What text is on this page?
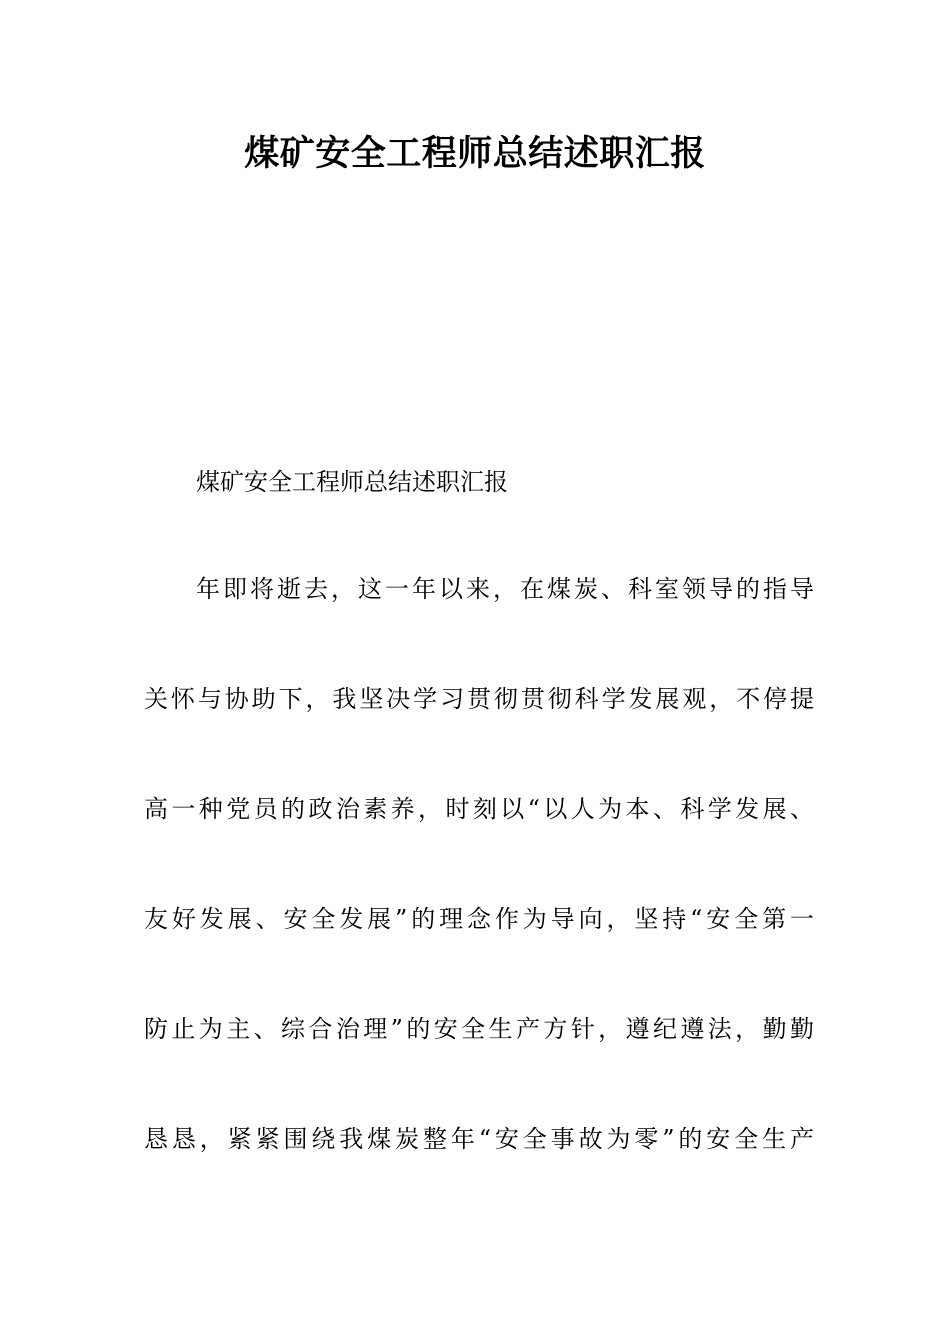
煤矿安全工程师总结述职汇报
煤矿安全工程师总结述职汇报
年即将逝去，这一年以来，在煤炭、科室领导的指导
关怀与协助下，我坚决学习贯彻贯彻科学发展观，不停提
高一种党员的政治素养，时刻以“以人为本、科学发展、
友好发展、安全发展”的理念作为导向，坚持“安全第一
防止为主、综合治理”的安全生产方针，遵纪遵法，勤勤
恳恳，紧紧围绕我煤炭整年“安全事故为零”的安全生产
